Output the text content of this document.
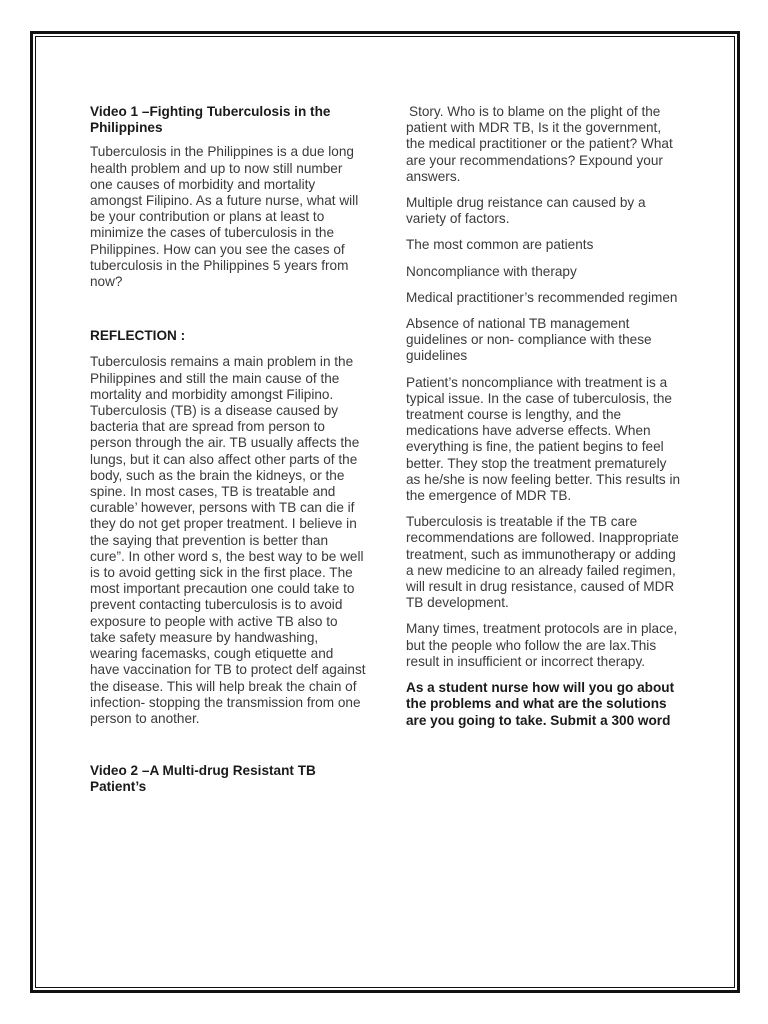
Video 1 –Fighting Tuberculosis in the Philippines

Tuberculosis in the Philippines is a due long health problem and up to now still number one causes of morbidity and mortality amongst Filipino. As a future nurse, what will be your contribution or plans at least to minimize the cases of tuberculosis in the Philippines. How can you see the cases of tuberculosis in the Philippines 5 years from now?

REFLECTION :

Tuberculosis remains a main problem in the Philippines and still the main cause of the mortality and morbidity amongst Filipino. Tuberculosis (TB) is a disease caused by bacteria that are spread from person to person through the air. TB usually affects the lungs, but it can also affect other parts of the body, such as the brain the kidneys, or the spine. In most cases, TB is treatable and curable’ however, persons with TB can die if they do not get proper treatment. I believe in the saying that prevention is better than cure”. In other word s, the best way to be well is to avoid getting sick in the first place. The most important precaution one could take to prevent contacting tuberculosis is to avoid exposure to people with active TB also to take safety measure by handwashing, wearing facemasks, cough etiquette and have vaccination for TB to protect delf against the disease. This will help break the chain of infection- stopping the transmission from one person to another.

Video 2 –A Multi-drug Resistant TB Patient’s

Story. Who is to blame on the plight of the patient with MDR TB, Is it the government, the medical practitioner or the patient? What are your recommendations? Expound your answers.

Multiple drug reistance can caused by a variety of factors.

The most common are patients

Noncompliance with therapy

Medical practitioner’s recommended regimen

Absence of national TB management guidelines or non- compliance with these guidelines

Patient’s noncompliance with treatment is a typical issue. In the case of tuberculosis, the treatment course is lengthy, and the medications have adverse effects. When everything is fine, the patient begins to feel better. They stop the treatment prematurely as he/she is now feeling better. This results in the emergence of MDR TB.

Tuberculosis is treatable if the TB care recommendations are followed. Inappropriate treatment, such as immunotherapy or adding a new medicine to an already failed regimen, will result in drug resistance, caused of MDR TB development.

Many times, treatment protocols are in place, but the people who follow the are lax.This result in insufficient or incorrect therapy.

As a student nurse how will you go about the problems and what are the solutions are you going to take. Submit a 300 word
